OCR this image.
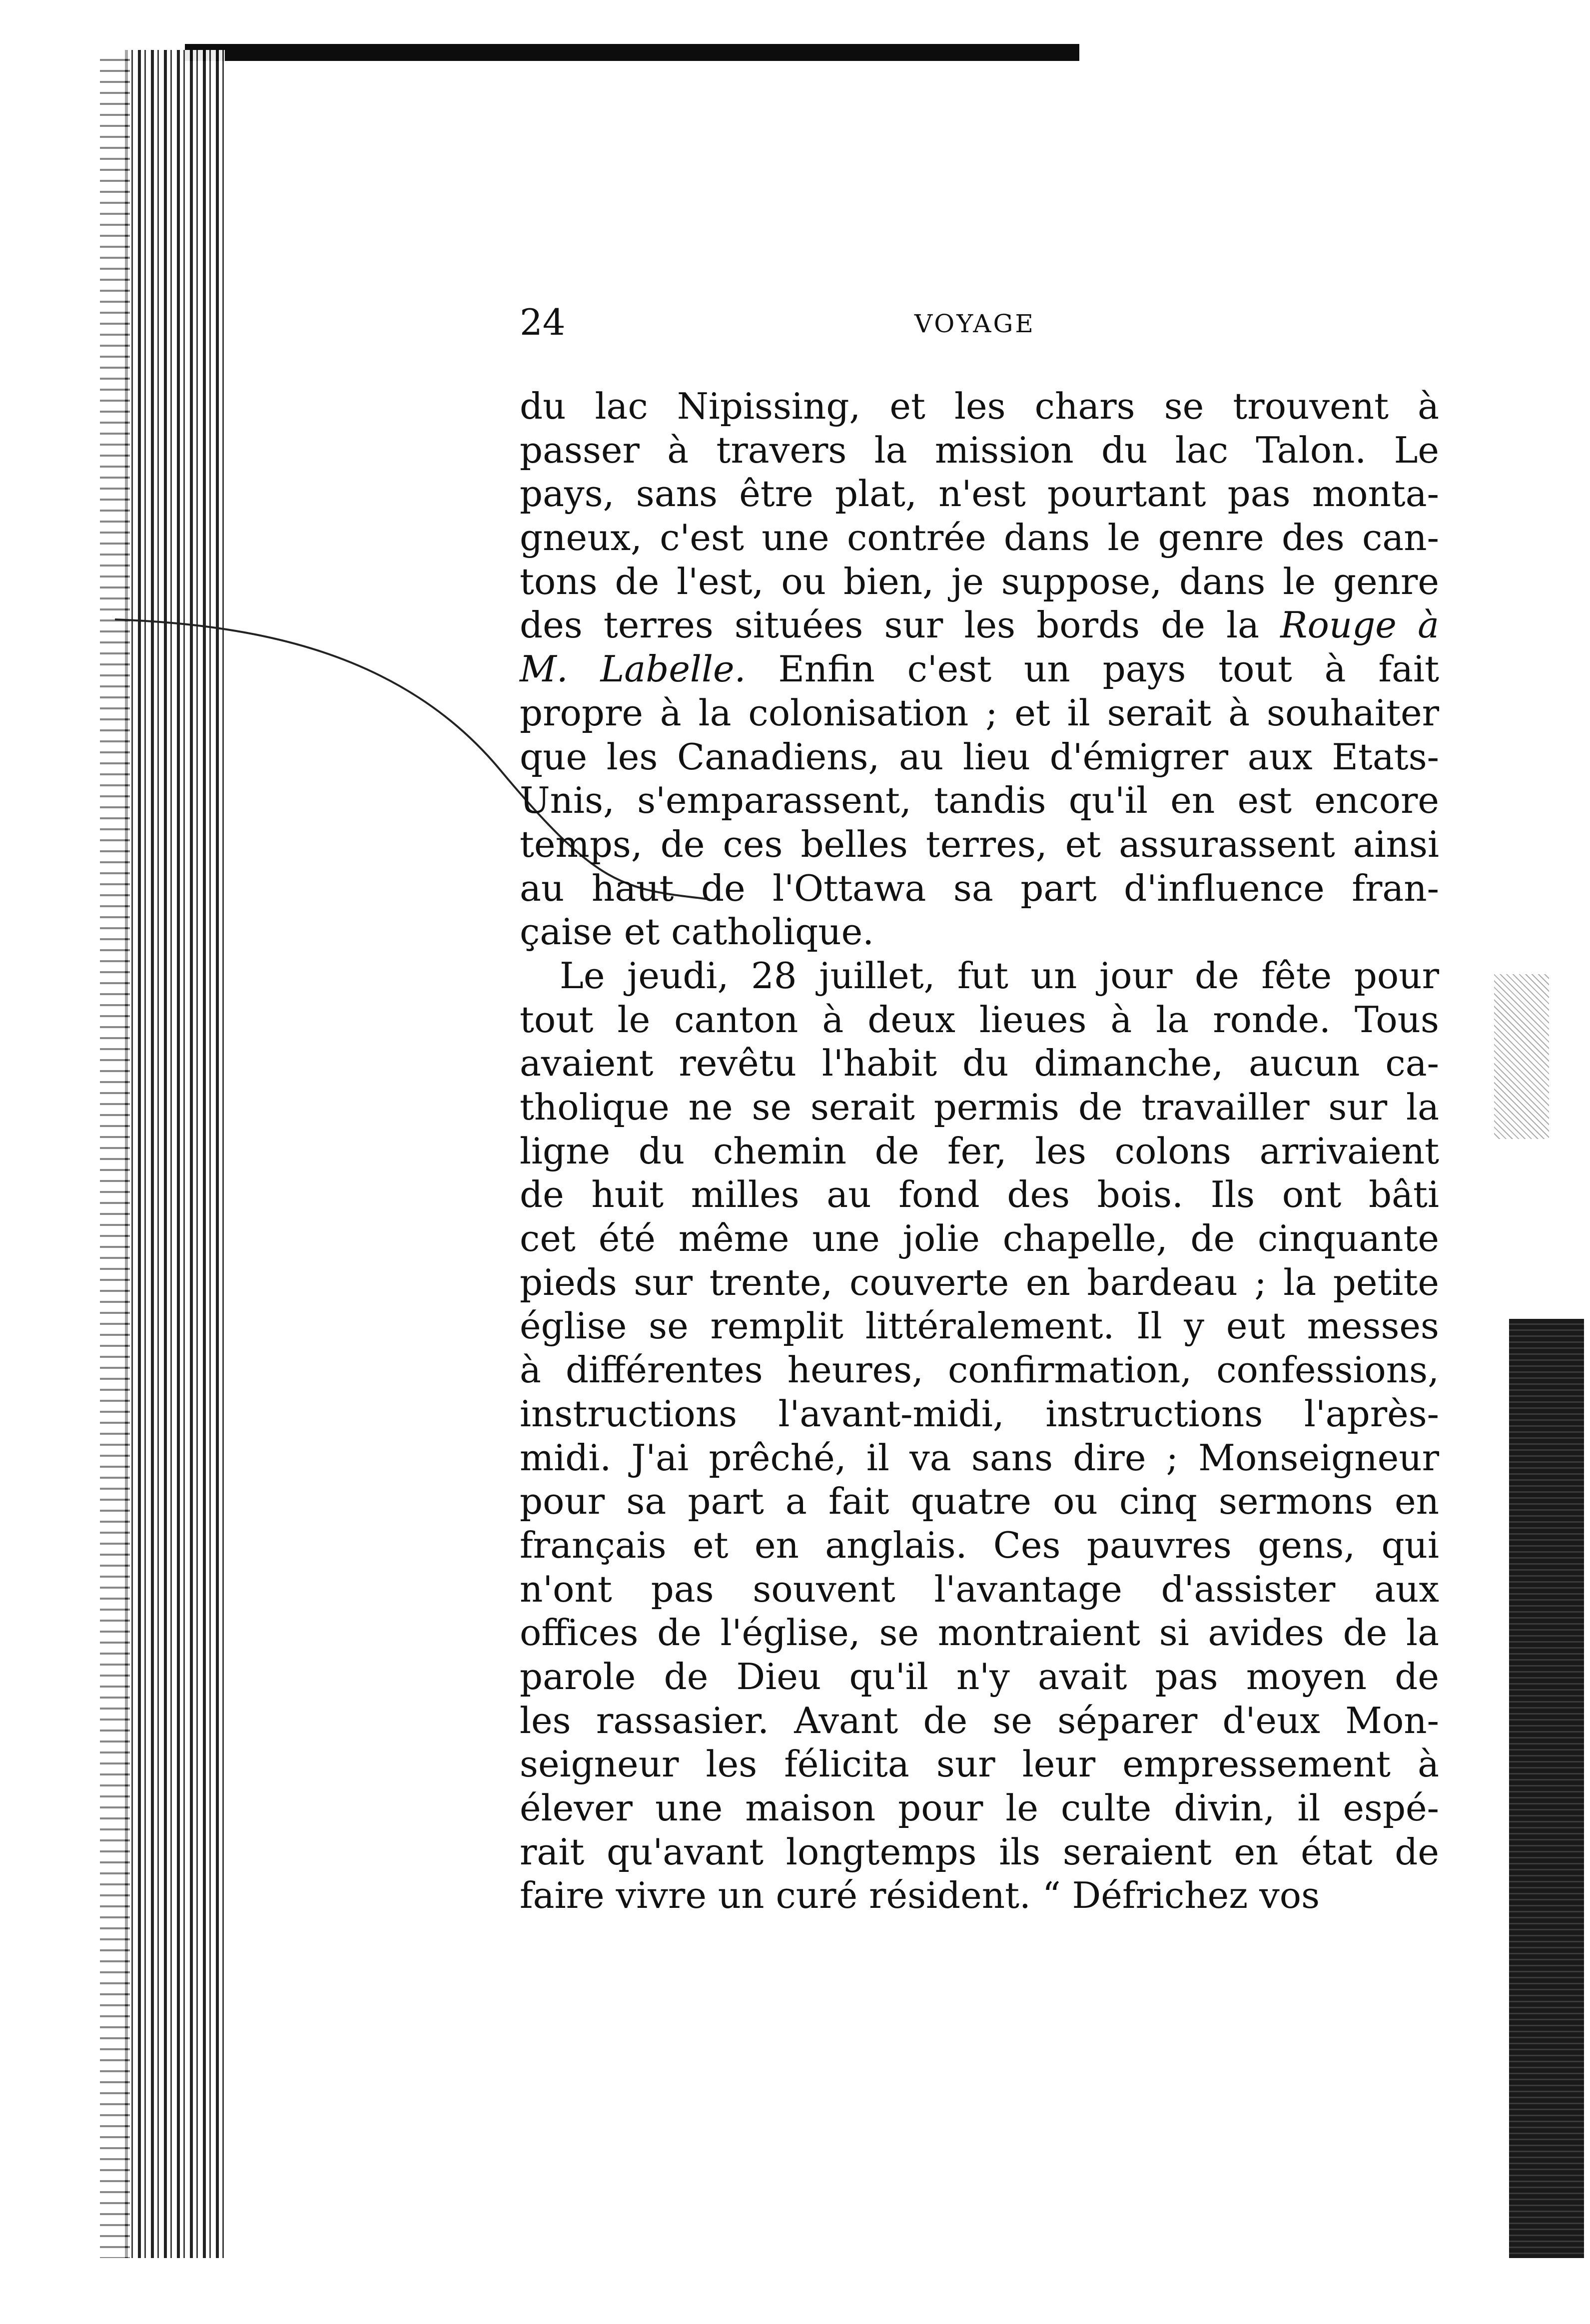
24	VOYAGE
du lac Nipissing, et les chars se trouvent à
passer à travers la mission du lac Talon. Le
pays, sans être plat, n'est pourtant pas monta-
gneux, c'est une contrée dans le genre des can-
tons de l'est, ou bien, je suppose, dans le genre
des terres situées sur les bords de la Rouge à
M. Labelle. Enfin c'est un pays tout à fait
propre à la colonisation ; et il serait à souhaiter
que les Canadiens, au lieu d'émigrer aux Etats-
Unis, s'emparassent, tandis qu'il en est encore
temps, de ces belles terres, et assurassent ainsi
au haut de l'Ottawa sa part d'influence fran-
çaise et catholique.
Le jeudi, 28 juillet, fut un jour de fête pour
tout le canton à deux lieues à la ronde. Tous
avaient revêtu l'habit du dimanche, aucun ca-
tholique ne se serait permis de travailler sur la
ligne du chemin de fer, les colons arrivaient
de huit milles au fond des bois. Ils ont bâti
cet été même une jolie chapelle, de cinquante
pieds sur trente, couverte en bardeau ; la petite
église se remplit littéralement. Il y eut messes
à différentes heures, confirmation, confessions,
instructions l'avant-midi, instructions l'après-
midi. J'ai prêché, il va sans dire ; Monseigneur
pour sa part a fait quatre ou cinq sermons en
français et en anglais. Ces pauvres gens, qui
n'ont pas souvent l'avantage d'assister aux
offices de l'église, se montraient si avides de la
parole de Dieu qu'il n'y avait pas moyen de
les rassasier. Avant de se séparer d'eux Mon-
seigneur les félicita sur leur empressement à
élever une maison pour le culte divin, il espé-
rait qu'avant longtemps ils seraient en état de
faire vivre un curé résident. “ Défrichez vos
